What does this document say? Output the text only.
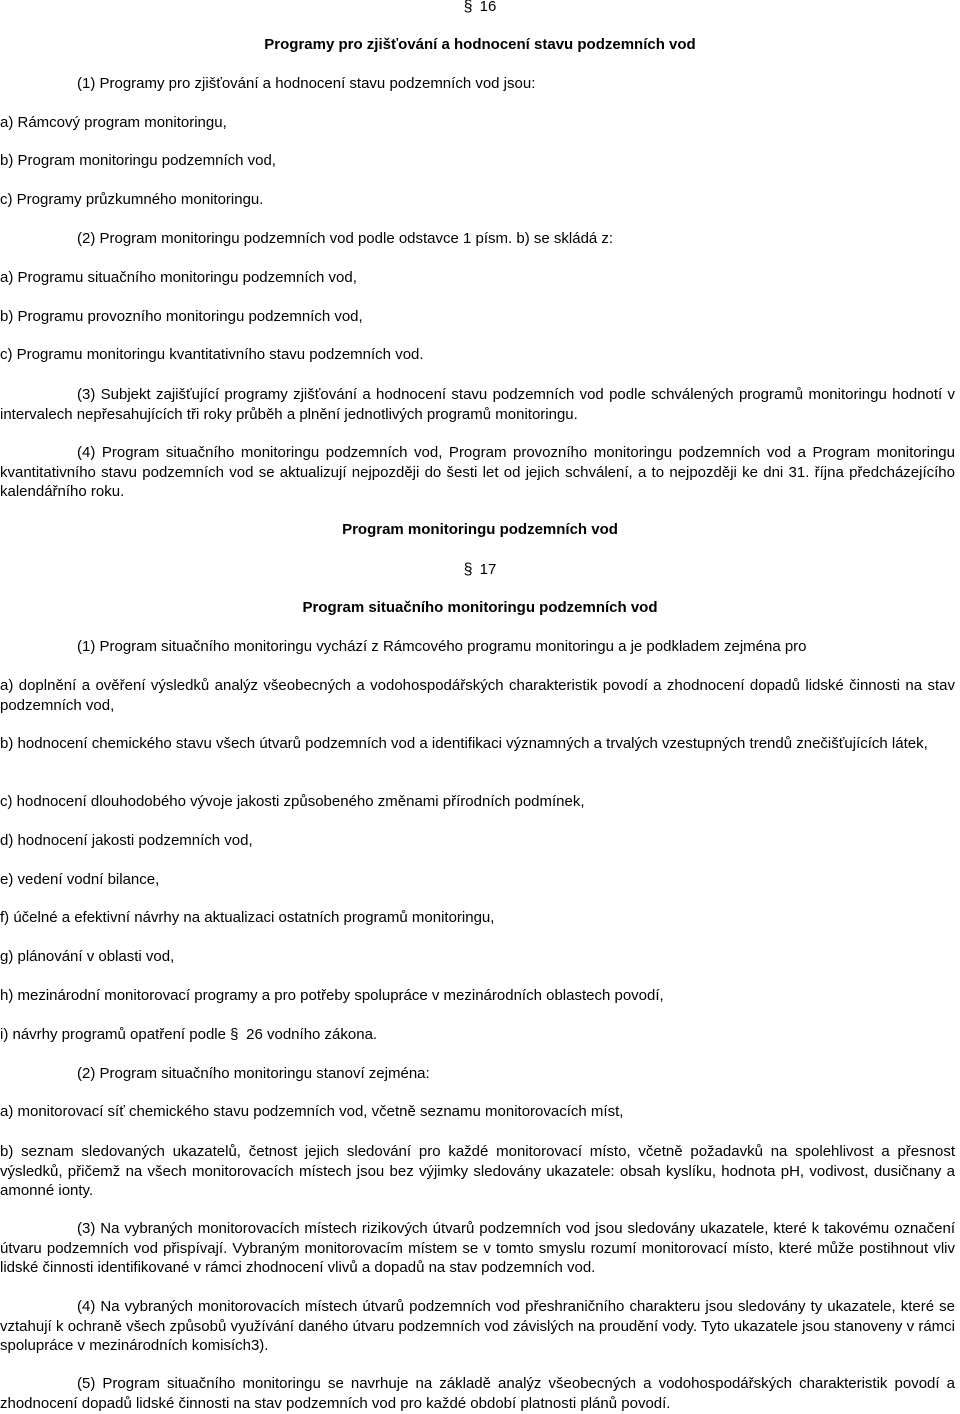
§ 16

Programy pro zjišťování a hodnocení stavu podzemních vod

(1) Programy pro zjišťování a hodnocení stavu podzemních vod jsou:

a) Rámcový program monitoringu,

b) Program monitoringu podzemních vod,

c) Programy průzkumného monitoringu.

(2) Program monitoringu podzemních vod podle odstavce 1 písm. b) se skládá z:

a) Programu situačního monitoringu podzemních vod,

b) Programu provozního monitoringu podzemních vod,

c) Programu monitoringu kvantitativního stavu podzemních vod.

(3) Subjekt zajišťující programy zjišťování a hodnocení stavu podzemních vod podle schválených programů monitoringu hodnotí v intervalech nepřesahujících tři roky průběh a plnění jednotlivých programů monitoringu.

(4) Program situačního monitoringu podzemních vod, Program provozního monitoringu podzemních vod a Program monitoringu kvantitativního stavu podzemních vod se aktualizují nejpozději do šesti let od jejich schválení, a to nejpozději ke dni 31. října předcházejícího kalendářního roku.

Program monitoringu podzemních vod

§ 17

Program situačního monitoringu podzemních vod

(1) Program situačního monitoringu vychází z Rámcového programu monitoringu a je podkladem zejména pro

a) doplnění a ověření výsledků analýz všeobecných a vodohospodářských charakteristik povodí a zhodnocení dopadů lidské činnosti na stav podzemních vod,

b) hodnocení chemického stavu všech útvarů podzemních vod a identifikaci významných a trvalých vzestupných trendů znečišťujících látek,

c) hodnocení dlouhodobého vývoje jakosti způsobeného změnami přírodních podmínek,

d) hodnocení jakosti podzemních vod,

e) vedení vodní bilance,

f) účelné a efektivní návrhy na aktualizaci ostatních programů monitoringu,

g) plánování v oblasti vod,

h) mezinárodní monitorovací programy a pro potřeby spolupráce v mezinárodních oblastech povodí,

i) návrhy programů opatření podle § 26 vodního zákona.

(2) Program situačního monitoringu stanoví zejména:

a) monitorovací síť chemického stavu podzemních vod, včetně seznamu monitorovacích míst,

b) seznam sledovaných ukazatelů, četnost jejich sledování pro každé monitorovací místo, včetně požadavků na spolehlivost a přesnost výsledků, přičemž na všech monitorovacích místech jsou bez výjimky sledovány ukazatele: obsah kyslíku, hodnota pH, vodivost, dusičnany a amonné ionty.

(3) Na vybraných monitorovacích místech rizikových útvarů podzemních vod jsou sledovány ukazatele, které k takovému označení útvaru podzemních vod přispívají. Vybraným monitorovacím místem se v tomto smyslu rozumí monitorovací místo, které může postihnout vliv lidské činnosti identifikované v rámci zhodnocení vlivů a dopadů na stav podzemních vod.

(4) Na vybraných monitorovacích místech útvarů podzemních vod přeshraničního charakteru jsou sledovány ty ukazatele, které se vztahují k ochraně všech způsobů využívání daného útvaru podzemních vod závislých na proudění vody. Tyto ukazatele jsou stanoveny v rámci spolupráce v mezinárodních komisích3).

(5) Program situačního monitoringu se navrhuje na základě analýz všeobecných a vodohospodářských charakteristik povodí a zhodnocení dopadů lidské činnosti na stav podzemních vod pro každé období platnosti plánů povodí.
